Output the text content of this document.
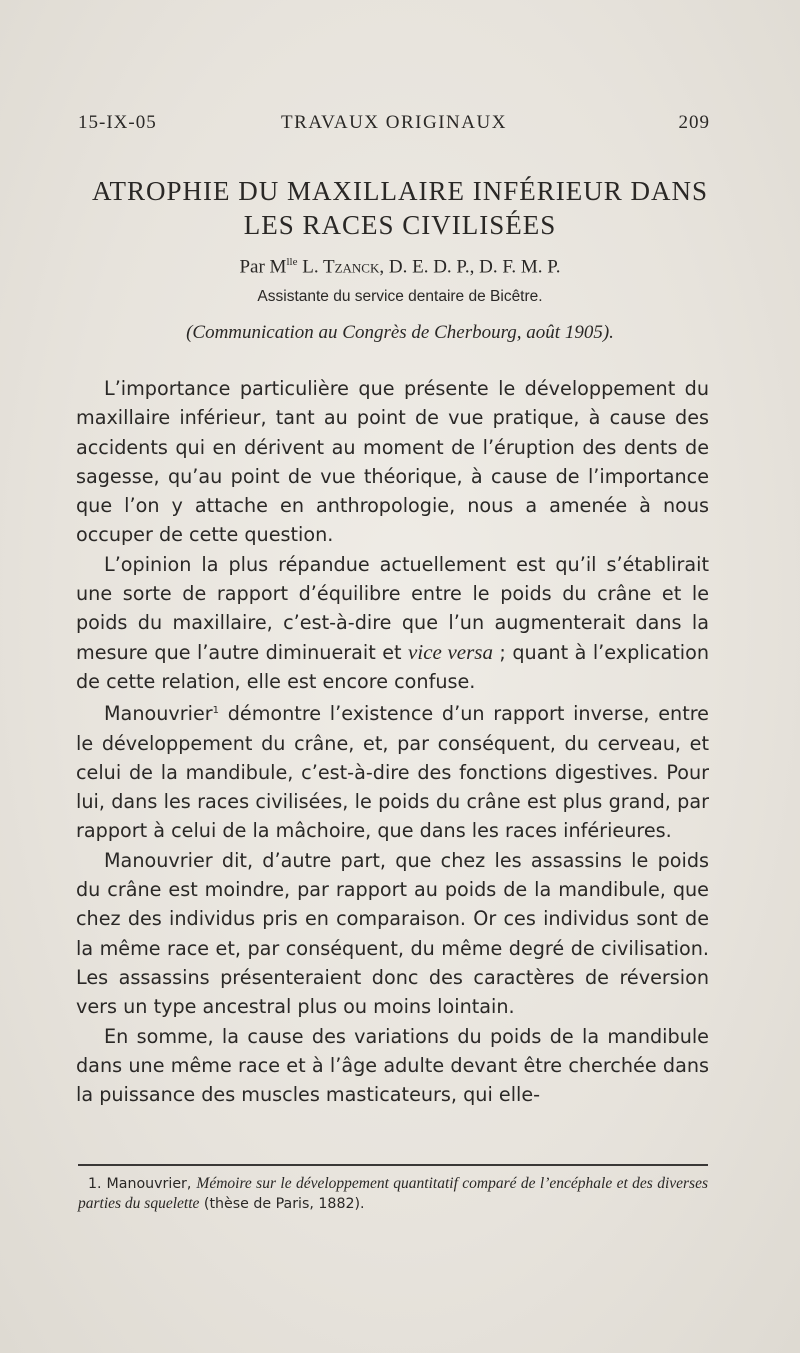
15-IX-05	TRAVAUX ORIGINAUX	209
ATROPHIE DU MAXILLAIRE INFÉRIEUR DANS
LES RACES CIVILISÉES
Par $M^{lle}$ L. Tzanck, D. E. D. P., D. F. M. P.
Assistante du service dentaire de Bicêtre.
(Communication au Congrès de Cherbourg, août 1905).

L’importance particulière que présente le développement du maxillaire inférieur, tant au point de vue pratique, à cause des accidents qui en dérivent au moment de l’éruption des dents de sagesse, qu’au point de vue théorique, à cause de l’importance que l’on y attache en anthropologie, nous a amenée à nous occuper de cette question.

L’opinion la plus répandue actuellement est qu’il s’établirait une sorte de rapport d’équilibre entre le poids du crâne et le poids du maxillaire, c’est-à-dire que l’un augmenterait dans la mesure que l’autre diminuerait et vice versa ; quant à l’explication de cette relation, elle est encore confuse.

Manouvrier$^1$ démontre l’existence d’un rapport inverse, entre le développement du crâne, et, par conséquent, du cerveau, et celui de la mandibule, c’est-à-dire des fonctions digestives. Pour lui, dans les races civilisées, le poids du crâne est plus grand, par rapport à celui de la mâchoire, que dans les races inférieures.

Manouvrier dit, d’autre part, que chez les assassins le poids du crâne est moindre, par rapport au poids de la mandibule, que chez des individus pris en comparaison. Or ces individus sont de la même race et, par conséquent, du même degré de civilisation. Les assassins présenteraient donc des caractères de réversion vers un type ancestral plus ou moins lointain.

En somme, la cause des variations du poids de la mandibule dans une même race et à l’âge adulte devant être cherchée dans la puissance des muscles masticateurs, qui elle-

1. Manouvrier, Mémoire sur le développement quantitatif comparé de l’encéphale et des diverses parties du squelette (thèse de Paris, 1882).
